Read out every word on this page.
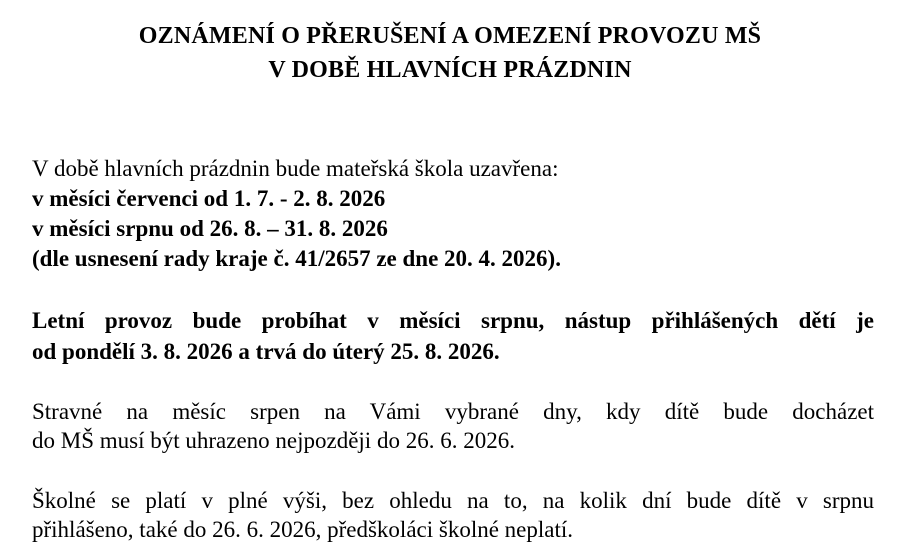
OZNÁMENÍ O PŘERUŠENÍ A OMEZENÍ PROVOZU MŠ
V DOBĚ HLAVNÍCH PRÁZDNIN
V době hlavních prázdnin bude mateřská škola uzavřena:
v měsíci červenci od 1. 7. - 2. 8. 2026
v měsíci srpnu od 26. 8. – 31. 8. 2026
(dle usnesení rady kraje č. 41/2657 ze dne 20. 4. 2026).
Letní provoz bude probíhat v měsíci srpnu, nástup přihlášených dětí je
od pondělí 3. 8. 2026 a trvá do úterý 25. 8. 2026.
Stravné na měsíc srpen na Vámi vybrané dny, kdy dítě bude docházet
do MŠ musí být uhrazeno nejpozději do 26. 6. 2026.
Školné se platí v plné výši, bez ohledu na to, na kolik dní bude dítě v srpnu
přihlášeno, také do 26. 6. 2026, předškoláci školné neplatí.
